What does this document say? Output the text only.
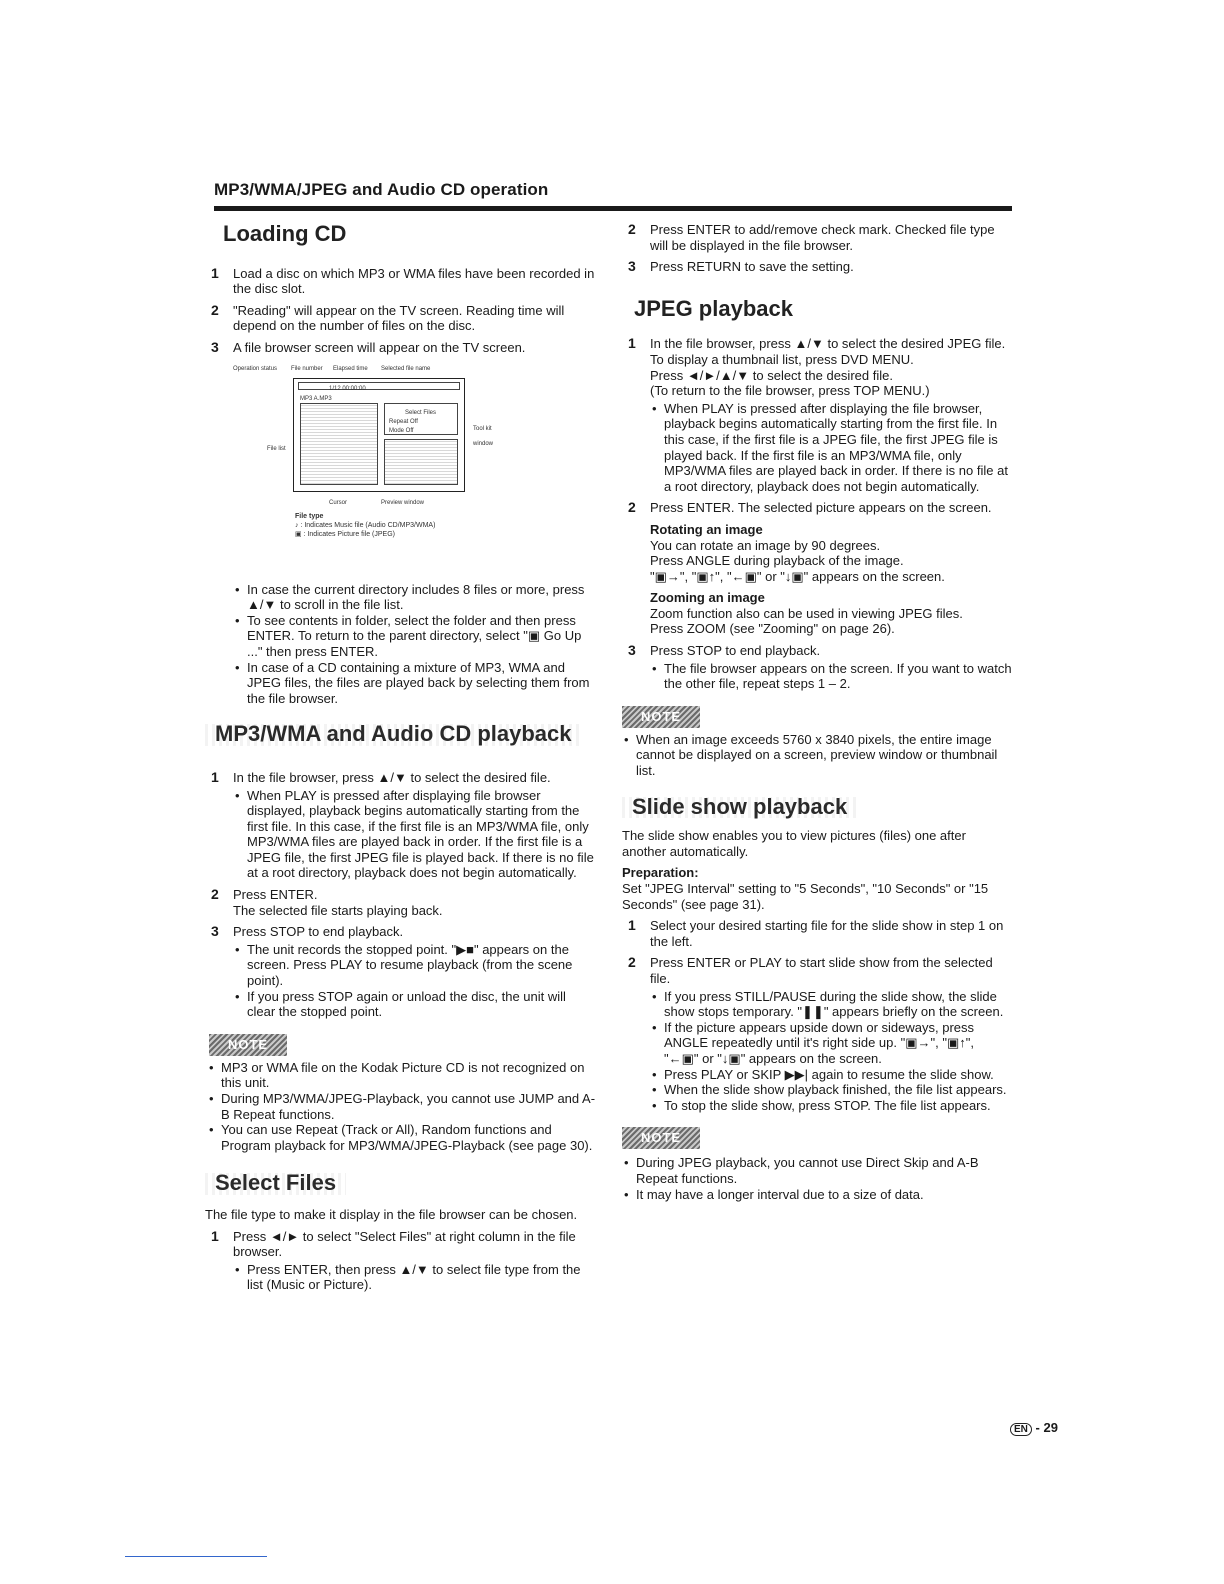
MP3/WMA/JPEG and Audio CD operation
Loading CD
1	Load a disc on which MP3 or WMA files have been recorded in the disc slot.
2	"Reading" will appear on the TV screen. Reading time will depend on the number of files on the disc.
3	A file browser screen will appear on the TV screen.
Operation status File number Elapsed time Selected file name
1/12 00:00:00
MP3 A.MP3
Select Files
Repeat Off
Mode Off	Tool kit window
File list
Cursor	Preview window
File type
♪ : Indicates Music file (Audio CD/MP3/WMA)
▣ : Indicates Picture file (JPEG)
• In case the current directory includes 8 files or more, press ▲/▼ to scroll in the file list.
• To see contents in folder, select the folder and then press ENTER. To return to the parent directory, select "▣ Go Up ..." then press ENTER.
• In case of a CD containing a mixture of MP3, WMA and JPEG files, the files are played back by selecting them from the file browser.
MP3/WMA and Audio CD playback
1	In the file browser, press ▲/▼ to select the desired file.
• When PLAY is pressed after displaying file browser displayed, playback begins automatically starting from the first file. In this case, if the first file is an MP3/WMA file, only MP3/WMA files are played back in order. If the first file is a JPEG file, the first JPEG file is played back. If there is no file at a root directory, playback does not begin automatically.
2	Press ENTER.
The selected file starts playing back.
3	Press STOP to end playback.
• The unit records the stopped point. "▶■" appears on the screen. Press PLAY to resume playback (from the scene point).
• If you press STOP again or unload the disc, the unit will clear the stopped point.
NOTE
• MP3 or WMA file on the Kodak Picture CD is not recognized on this unit.
• During MP3/WMA/JPEG-Playback, you cannot use JUMP and A-B Repeat functions.
• You can use Repeat (Track or All), Random functions and Program playback for MP3/WMA/JPEG-Playback (see page 30).
Select Files
The file type to make it display in the file browser can be chosen.
1	Press ◄/► to select "Select Files" at right column in the file browser.
• Press ENTER, then press ▲/▼ to select file type from the list (Music or Picture).
2	Press ENTER to add/remove check mark. Checked file type will be displayed in the file browser.
3	Press RETURN to save the setting.
JPEG playback
1	In the file browser, press ▲/▼ to select the desired JPEG file.
To display a thumbnail list, press DVD MENU.
Press ◄/►/▲/▼ to select the desired file.
(To return to the file browser, press TOP MENU.)
• When PLAY is pressed after displaying the file browser, playback begins automatically starting from the first file. In this case, if the first file is a JPEG file, the first JPEG file is played back. If the first file is an MP3/WMA file, only MP3/WMA files are played back in order. If there is no file at a root directory, playback does not begin automatically.
2	Press ENTER. The selected picture appears on the screen.
Rotating an image
You can rotate an image by 90 degrees.
Press ANGLE during playback of the image.
"▣→", "▣↑", "←▣" or "↓▣" appears on the screen.
Zooming an image
Zoom function also can be used in viewing JPEG files.
Press ZOOM (see "Zooming" on page 26).
3	Press STOP to end playback.
• The file browser appears on the screen. If you want to watch the other file, repeat steps 1 – 2.
NOTE
• When an image exceeds 5760 x 3840 pixels, the entire image cannot be displayed on a screen, preview window or thumbnail list.
Slide show playback
The slide show enables you to view pictures (files) one after another automatically.
Preparation:
Set "JPEG Interval" setting to "5 Seconds", "10 Seconds" or "15 Seconds" (see page 31).
1	Select your desired starting file for the slide show in step 1 on the left.
2	Press ENTER or PLAY to start slide show from the selected file.
• If you press STILL/PAUSE during the slide show, the slide show stops temporary. "❚❚" appears briefly on the screen.
• If the picture appears upside down or sideways, press ANGLE repeatedly until it's right side up. "▣→", "▣↑", "←▣" or "↓▣" appears on the screen.
• Press PLAY or SKIP ▶▶| again to resume the slide show.
• When the slide show playback finished, the file list appears.
• To stop the slide show, press STOP. The file list appears.
NOTE
• During JPEG playback, you cannot use Direct Skip and A-B Repeat functions.
• It may have a longer interval due to a size of data.
EN - 29
